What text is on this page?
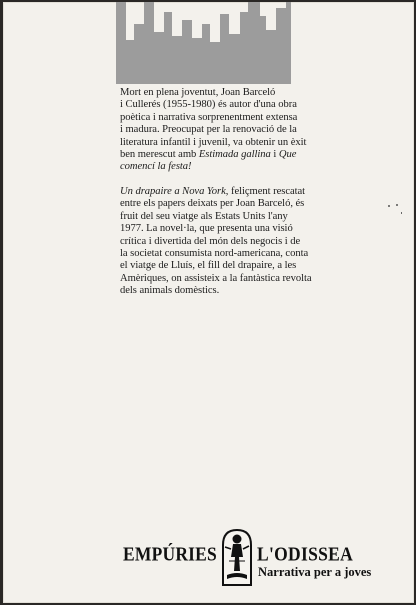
Mort en plena joventut, Joan Barceló
i Cullerés (1955-1980) és autor d'una obra
poètica i narrativa sorprenentment extensa
i madura. Preocupat per la renovació de la
literatura infantil i juvenil, va obtenir un èxit
ben merescut amb Estimada gallina i Que
comencí la festa!
Un drapaire a Nova York, feliçment rescatat
entre els papers deixats per Joan Barceló, és
fruit del seu viatge als Estats Units l'any
1977. La novel·la, que presenta una visió
crítica i divertida del món dels negocis i de
la societat consumista nord-americana, conta
el viatge de Lluís, el fill del drapaire, a les
Amèriques, on assisteix a la fantàstica revolta
dels animals domèstics.
EMPÚRIES L'ODISSEA
Narrativa per a joves
